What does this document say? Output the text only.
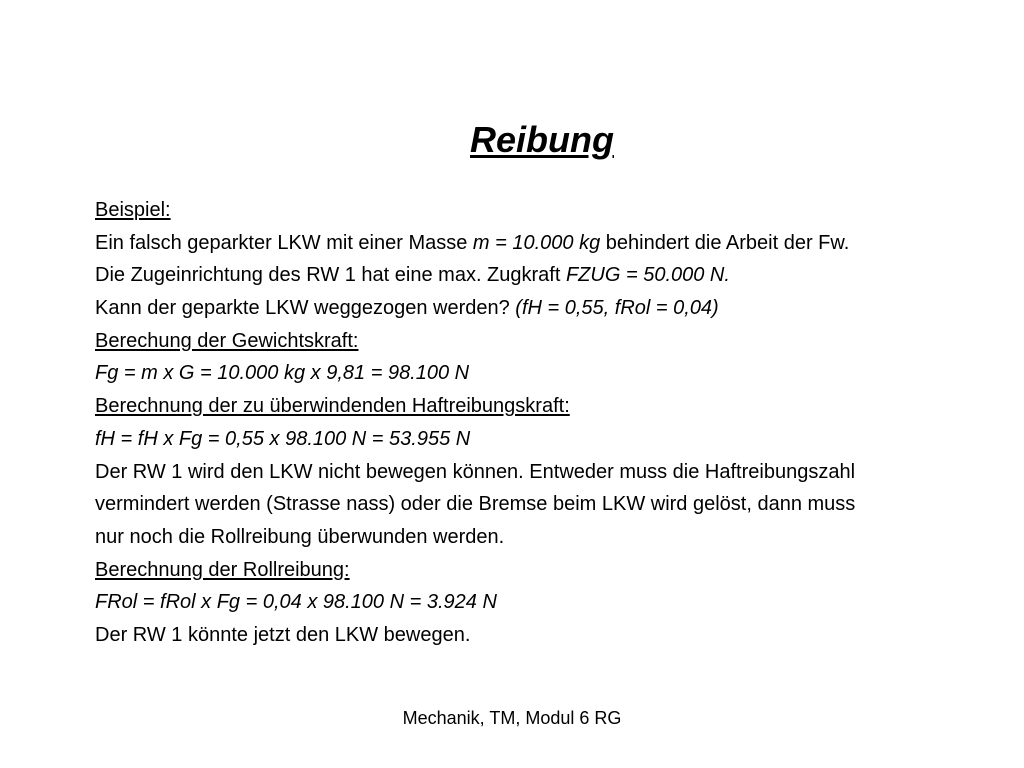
Reibung
Beispiel:
Ein falsch geparkter LKW mit einer Masse m = 10.000 kg behindert die Arbeit der Fw.
Die Zugeinrichtung des RW 1 hat eine max. Zugkraft FZUG = 50.000 N.
Kann der geparkte LKW weggezogen werden? (fH = 0,55, fRol = 0,04)
Berechung der Gewichtskraft:
Fg = m x G = 10.000 kg x 9,81 = 98.100 N
Berechnung der zu überwindenden Haftreibungskraft:
fH = fH x Fg = 0,55 x 98.100 N = 53.955 N
Der RW 1 wird den LKW nicht bewegen können. Entweder muss die Haftreibungszahl
vermindert werden (Strasse nass) oder die Bremse beim LKW wird gelöst, dann muss
nur noch die Rollreibung überwunden werden.
Berechnung der Rollreibung:
FRol = fRol x Fg = 0,04 x 98.100 N = 3.924 N
Der RW 1 könnte jetzt den LKW bewegen.
Mechanik, TM, Modul 6 RG
